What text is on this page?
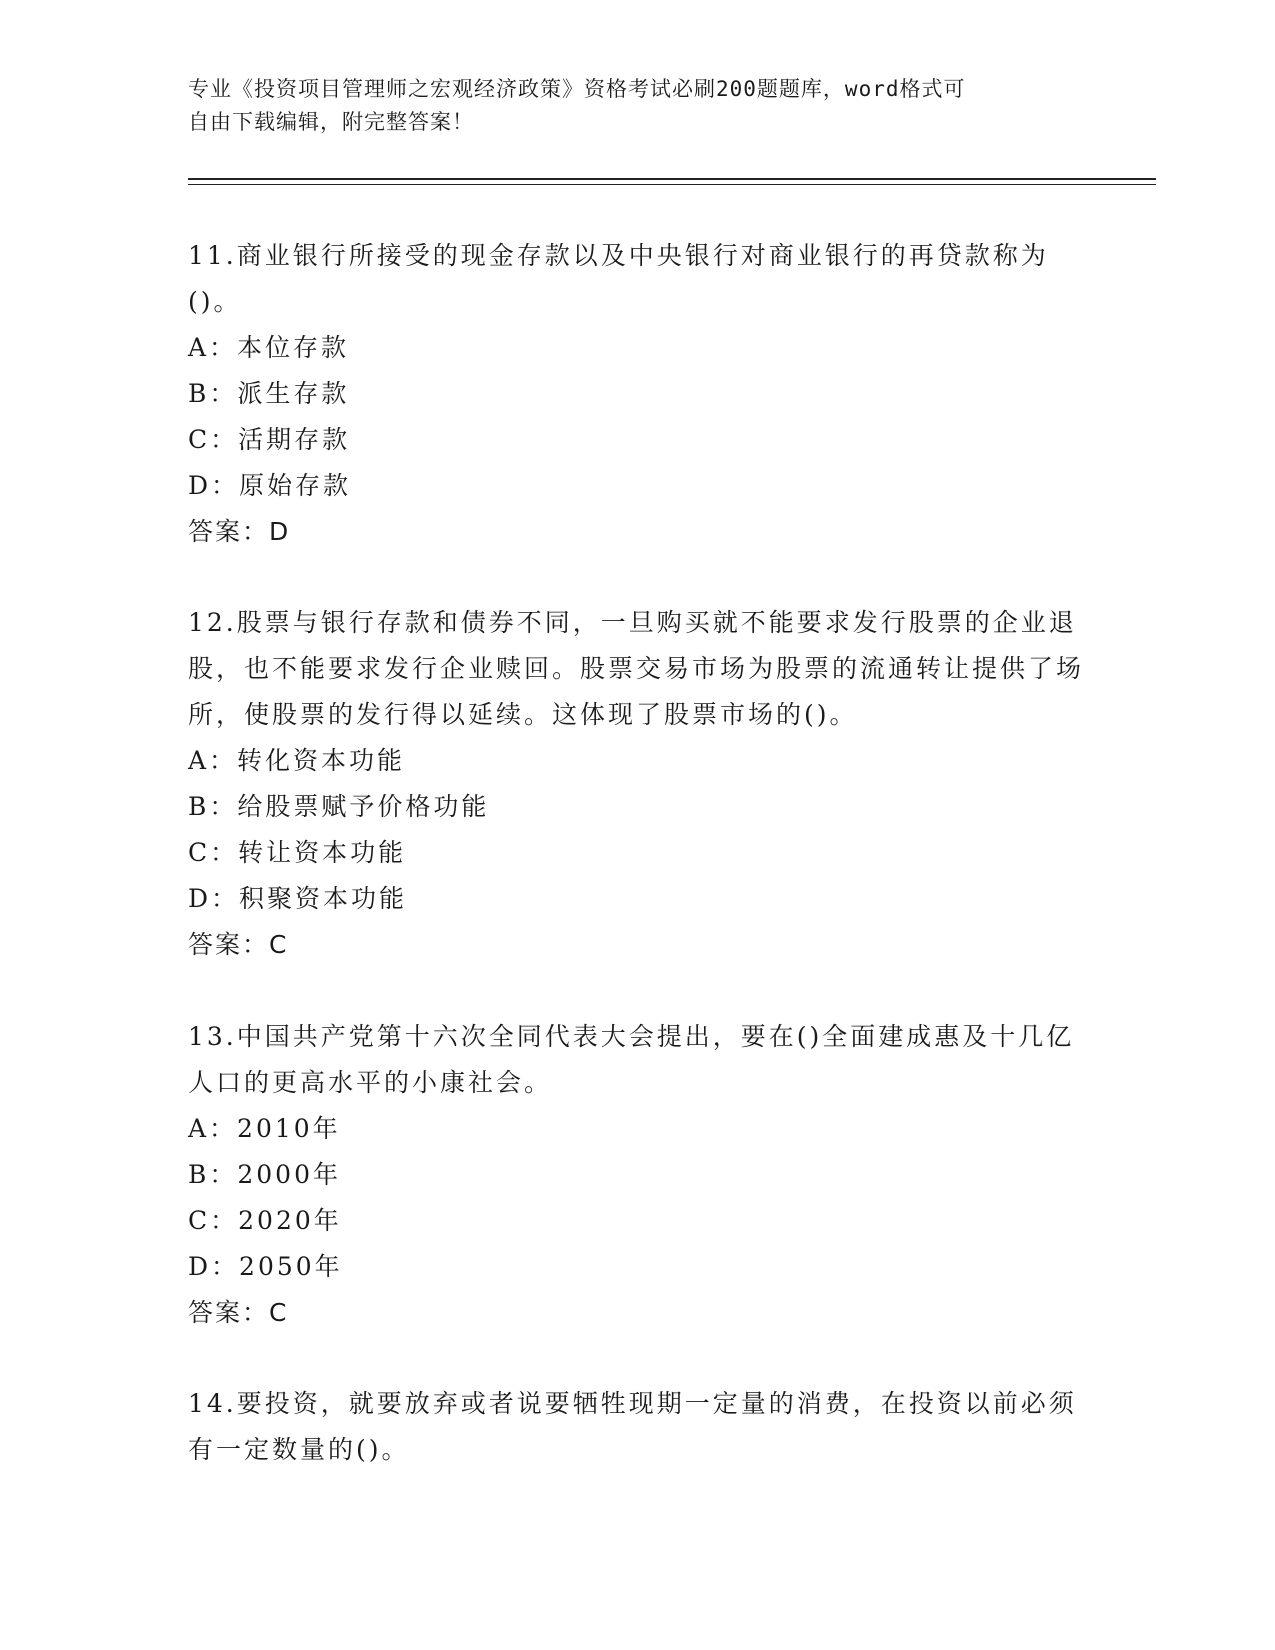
专业《投资项目管理师之宏观经济政策》资格考试必刷200题题库，word格式可
自由下载编辑，附完整答案！

11.商业银行所接受的现金存款以及中央银行对商业银行的再贷款称为()。

A：本位存款

B：派生存款

C：活期存款

D：原始存款

答案：D

12.股票与银行存款和债券不同，一旦购买就不能要求发行股票的企业退股，也不能要求发行企业赎回。股票交易市场为股票的流通转让提供了场所，使股票的发行得以延续。这体现了股票市场的()。

A：转化资本功能

B：给股票赋予价格功能

C：转让资本功能

D：积聚资本功能

答案：C

13.中国共产党第十六次全同代表大会提出，要在()全面建成惠及十几亿人口的更高水平的小康社会。

A：2010年

B：2000年

C：2020年

D：2050年

答案：C

14.要投资，就要放弃或者说要牺牲现期一定量的消费，在投资以前必须有一定数量的()。
